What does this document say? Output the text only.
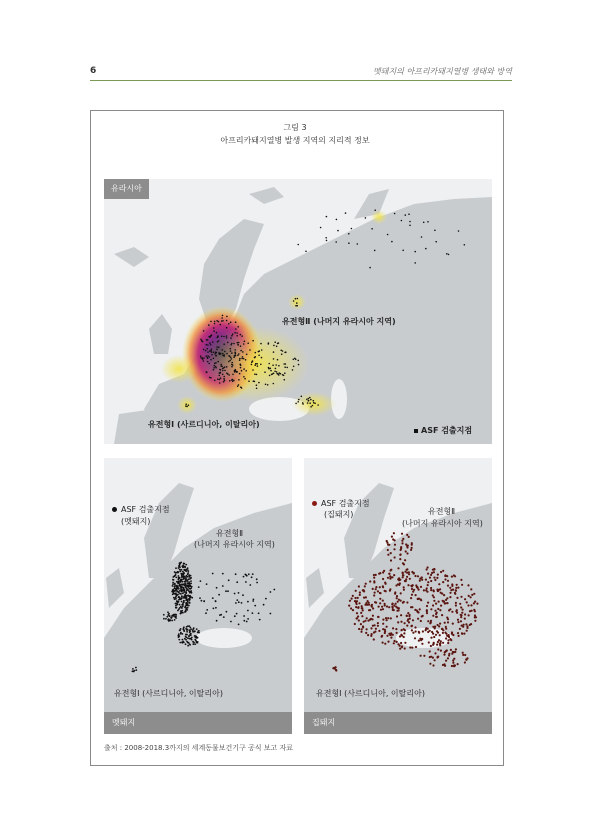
6	멧돼지의 아프리카돼지열병 생태와 방역
그림 3
아프리카돼지열병 발생 지역의 지리적 정보
유라시아
유전형Ⅱ (나머지 유라시아 지역)
유전형Ⅰ (사르디니아, 이탈리아)
ASF 검출지점
ASF 검출지점
(멧돼지)
유전형Ⅱ
(나머지 유라시아 지역)
유전형Ⅰ (사르디니아, 이탈리아)
멧돼지
ASF 검출지점
(집돼지)	유전형Ⅱ
(나머지 유라시아 지역)
유전형Ⅰ (사르디니아, 이탈리아)
집돼지
출처 : 2008-2018.3까지의 세계동물보건기구 공식 보고 자료
